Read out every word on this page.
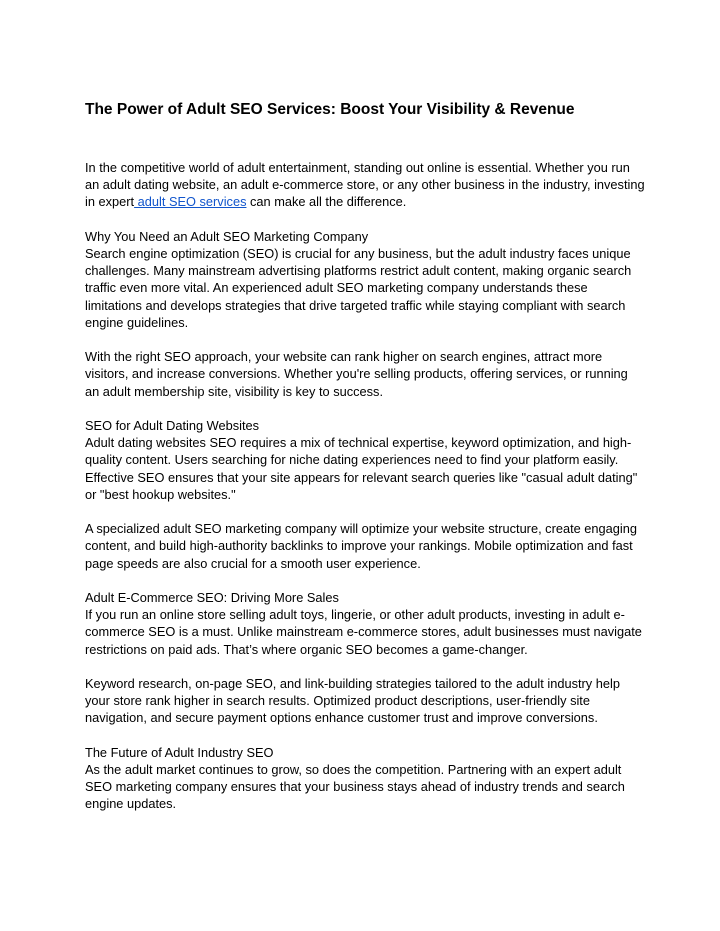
The Power of Adult SEO Services: Boost Your Visibility & Revenue

In the competitive world of adult entertainment, standing out online is essential. Whether you run an adult dating website, an adult e-commerce store, or any other business in the industry, investing in expert adult SEO services can make all the difference.

Why You Need an Adult SEO Marketing Company
Search engine optimization (SEO) is crucial for any business, but the adult industry faces unique challenges. Many mainstream advertising platforms restrict adult content, making organic search traffic even more vital. An experienced adult SEO marketing company understands these limitations and develops strategies that drive targeted traffic while staying compliant with search engine guidelines.

With the right SEO approach, your website can rank higher on search engines, attract more visitors, and increase conversions. Whether you're selling products, offering services, or running an adult membership site, visibility is key to success.

SEO for Adult Dating Websites
Adult dating websites SEO requires a mix of technical expertise, keyword optimization, and high-quality content. Users searching for niche dating experiences need to find your platform easily. Effective SEO ensures that your site appears for relevant search queries like "casual adult dating" or "best hookup websites."

A specialized adult SEO marketing company will optimize your website structure, create engaging content, and build high-authority backlinks to improve your rankings. Mobile optimization and fast page speeds are also crucial for a smooth user experience.

Adult E-Commerce SEO: Driving More Sales
If you run an online store selling adult toys, lingerie, or other adult products, investing in adult e-commerce SEO is a must. Unlike mainstream e-commerce stores, adult businesses must navigate restrictions on paid ads. That’s where organic SEO becomes a game-changer.

Keyword research, on-page SEO, and link-building strategies tailored to the adult industry help your store rank higher in search results. Optimized product descriptions, user-friendly site navigation, and secure payment options enhance customer trust and improve conversions.

The Future of Adult Industry SEO
As the adult market continues to grow, so does the competition. Partnering with an expert adult SEO marketing company ensures that your business stays ahead of industry trends and search engine updates.
